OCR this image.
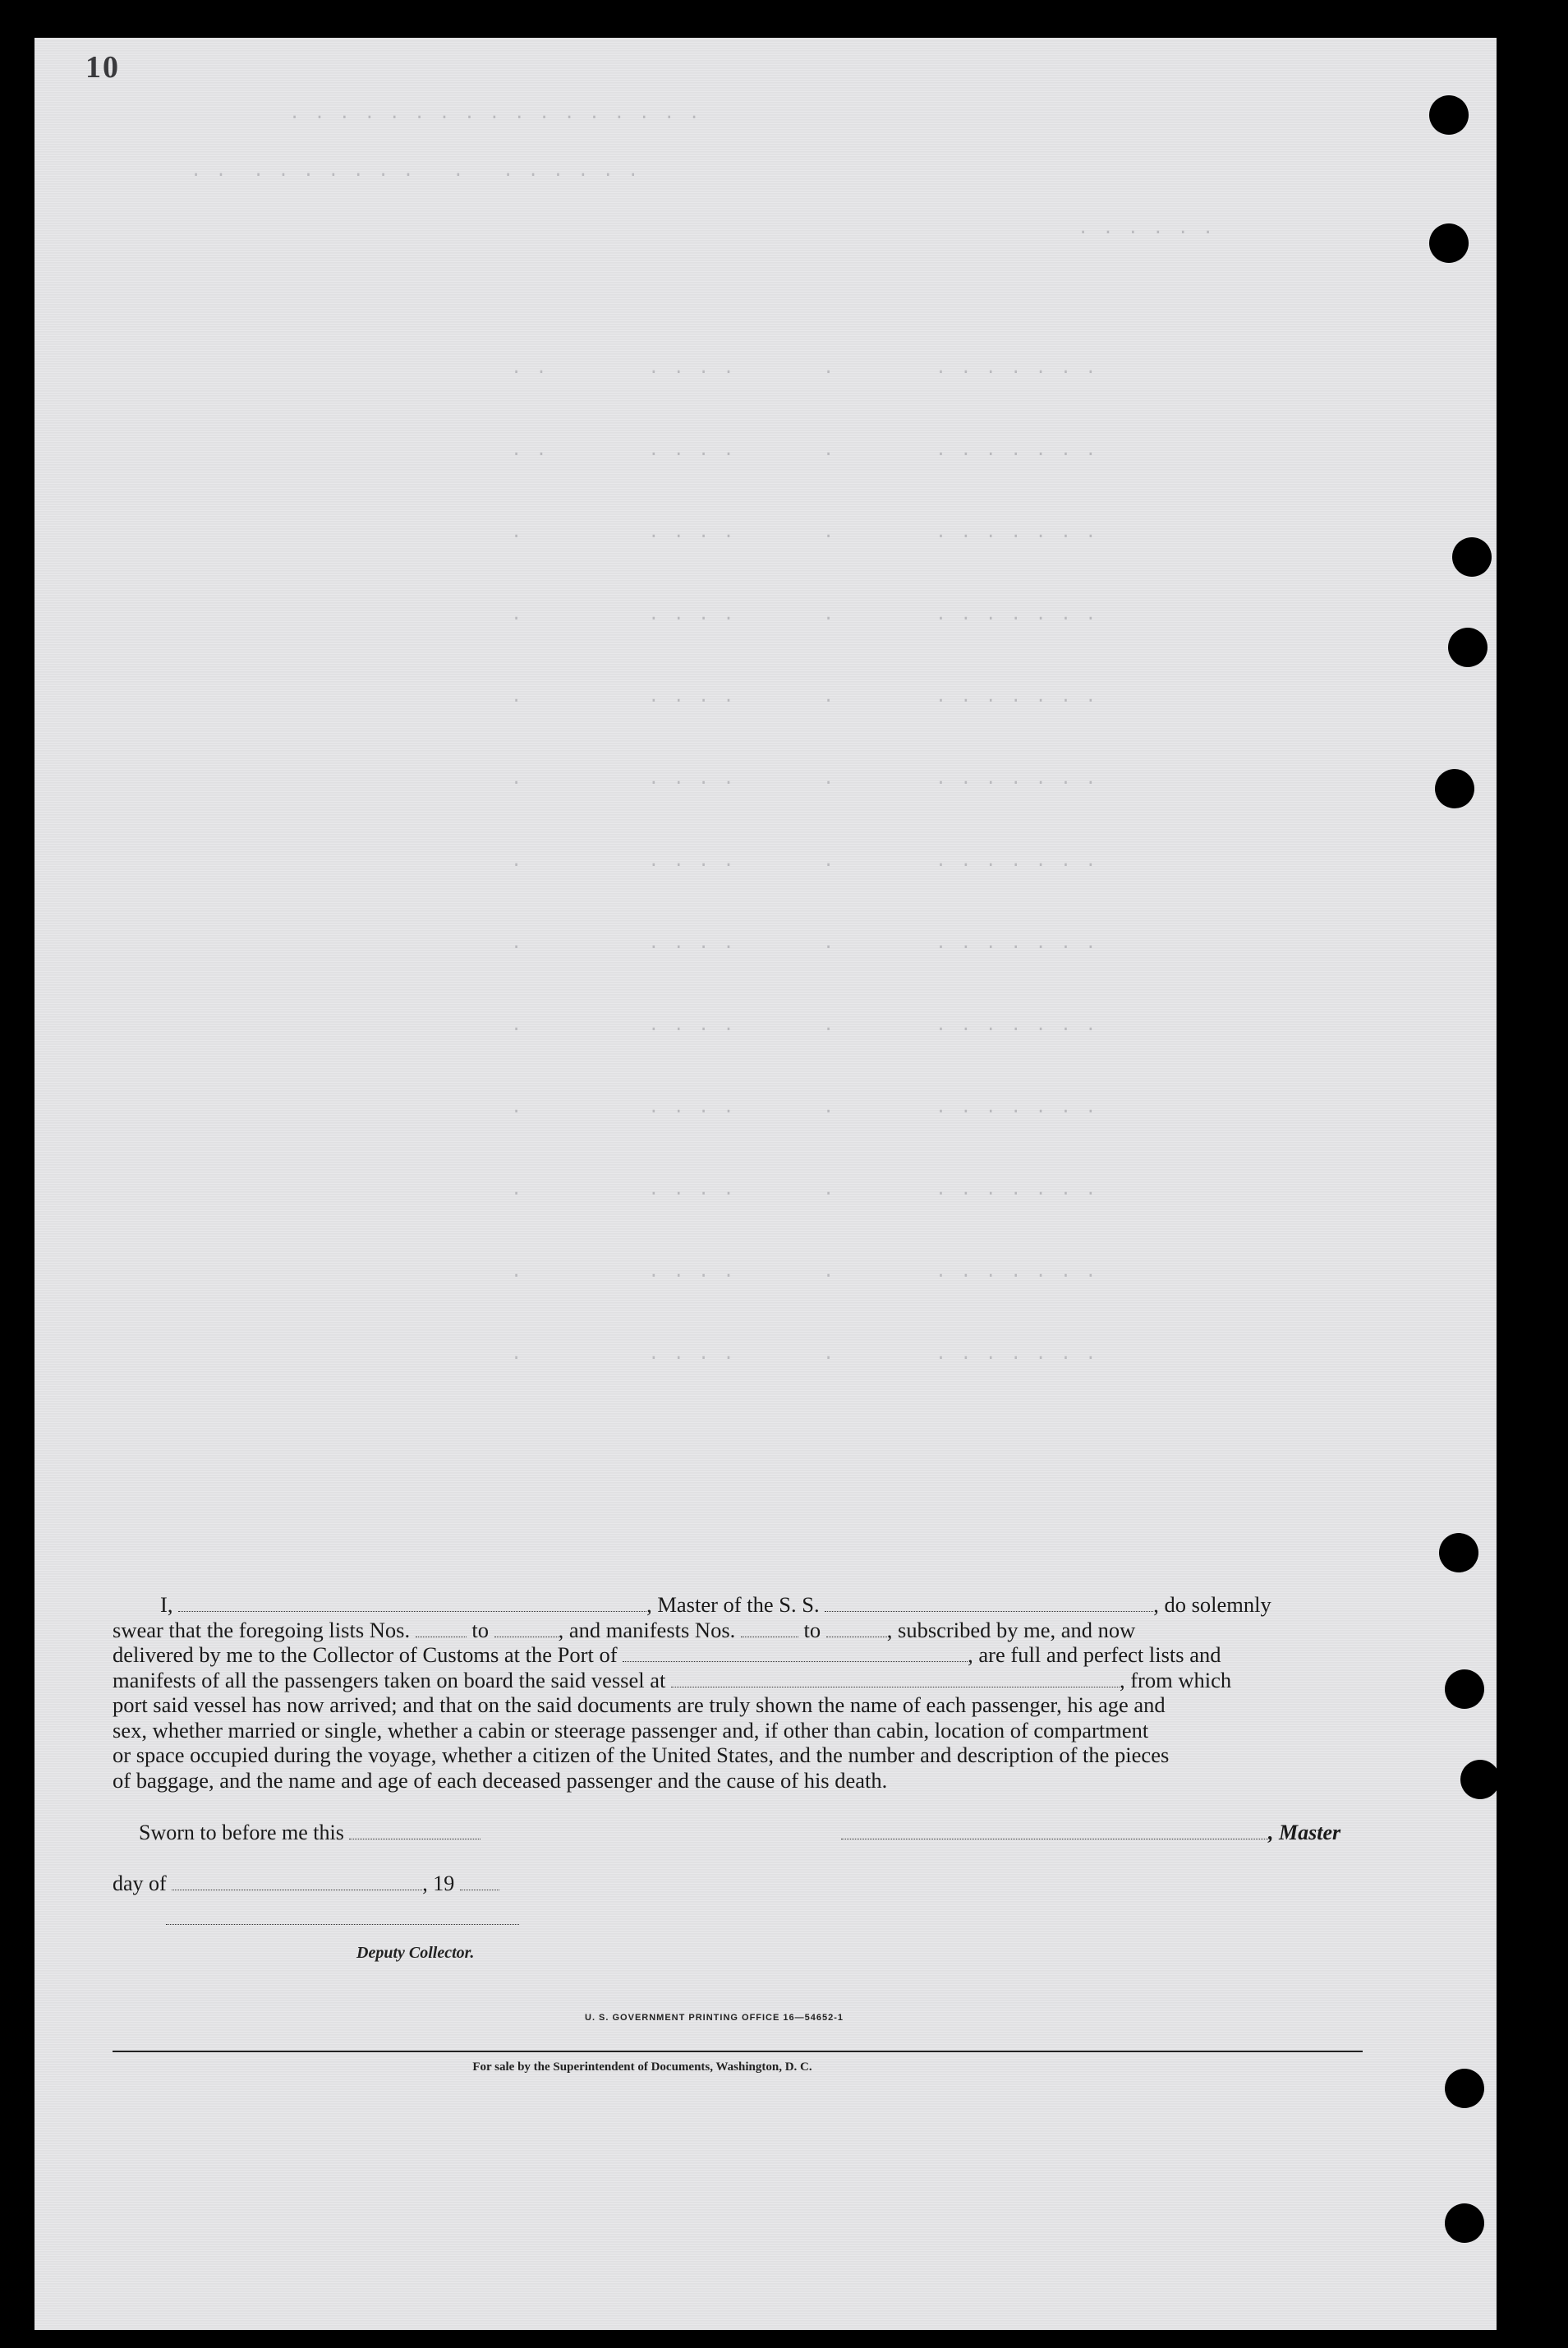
10
. . . . . . . . . . . . . . . . .
. .  . . . . . . .   .   . . . . . .
. . . . . .
. .        . . . .       .        . . . . . . .
. .        . . . .       .        . . . . . . .
.          . . . .       .        . . . . . . .
.          . . . .       .        . . . . . . .
.          . . . .       .        . . . . . . .
.          . . . .       .        . . . . . . .
.          . . . .       .        . . . . . . .
.          . . . .       .        . . . . . . .
.          . . . .       .        . . . . . . .
.          . . . .       .        . . . . . . .
.          . . . .       .        . . . . . . .
.          . . . .       .        . . . . . . .
.          . . . .       .        . . . . . . .
I,	, Master of the S. S.	, do solemnly
swear that the foregoing lists Nos.	to	, and manifests Nos.	to	, subscribed by me, and now
delivered by me to the Collector of Customs at the Port of	, are full and perfect lists and
manifests of all the passengers taken on board the said vessel at	, from which
port said vessel has now arrived; and that on the said documents are truly shown the name of each passenger, his age and
sex, whether married or single, whether a cabin or steerage passenger and, if other than cabin, location of compartment
or space occupied during the voyage, whether a citizen of the United States, and the number and description of the pieces
of baggage, and the name and age of each deceased passenger and the cause of his death.
Sworn to before me this	, Master
day of	, 19
Deputy Collector.
U. S. GOVERNMENT PRINTING OFFICE 16—54652-1
For sale by the Superintendent of Documents, Washington, D. C.
